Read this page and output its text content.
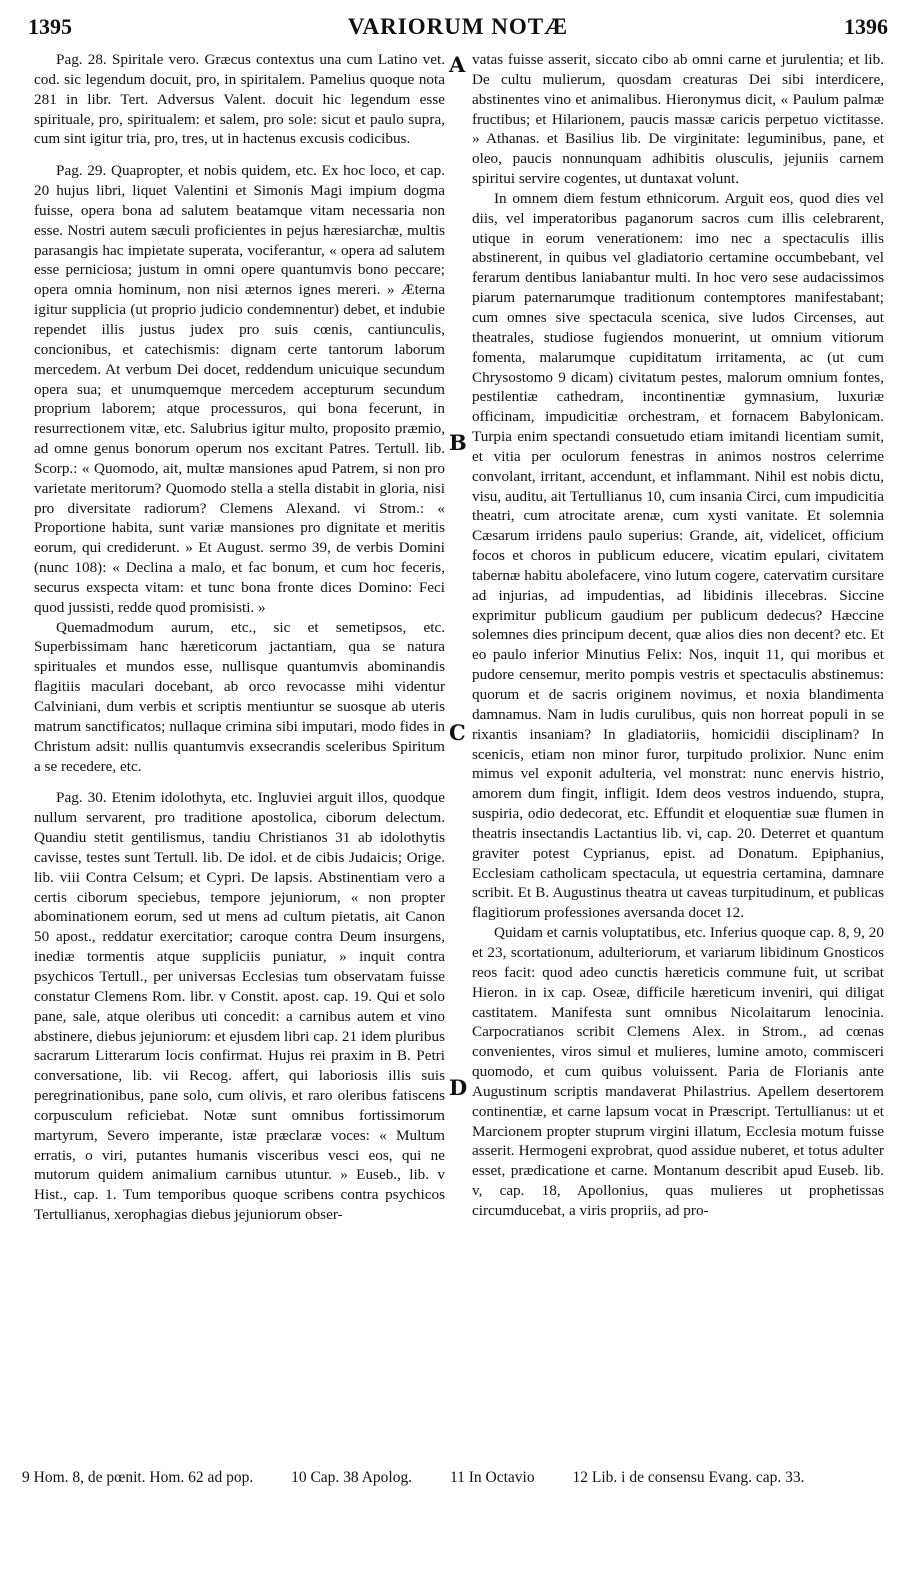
1395	VARIORUM NOTÆ	1396

Pag. 28. Spiritale vero. Græcus contextus una cum Latino vet. cod. sic legendum docuit, pro, in spiritalem. Pamelius quoque nota 281 in libr. Tert. Adversus Valent. docuit hic legendum esse spirituale, pro, spiritualem: et salem, pro sole: sicut et paulo supra, cum sint igitur tria, pro, tres, ut in hactenus excusis codicibus.

Pag. 29. Quapropter, et nobis quidem, etc. Ex hoc loco, et cap. 20 hujus libri, liquet Valentini et Simonis Magi impium dogma fuisse, opera bona ad salutem beatamque vitam necessaria non esse. Nostri autem sæculi proficientes in pejus hæresiarchæ, multis parasangis hac impietate superata, vociferantur, « opera ad salutem esse perniciosa; justum in omni opere quantumvis bono peccare; opera omnia hominum, non nisi æternos ignes mereri. » Æterna igitur supplicia (ut proprio judicio condemnentur) debet, et indubie rependet illis justus judex pro suis cœnis, cantiunculis, concionibus, et catechismis: dignam certe tantorum laborum mercedem. At verbum Dei docet, reddendum unicuique secundum opera sua; et unumquemque mercedem accepturum secundum proprium laborem; atque processuros, qui bona fecerunt, in resurrectionem vitæ, etc. Salubrius igitur multo, proposito præmio, ad omne genus bonorum operum nos excitant Patres. Tertull. lib. Scorp.: « Quomodo, ait, multæ mansiones apud Patrem, si non pro varietate meritorum? Quomodo stella a stella distabit in gloria, nisi pro diversitate radiorum? Clemens Alexand. vi Strom.: « Proportione habita, sunt variæ mansiones pro dignitate et meritis eorum, qui crediderunt. » Et August. sermo 39, de verbis Domini (nunc 108): « Declina a malo, et fac bonum, et cum hoc feceris, securus exspecta vitam: et tunc bona fronte dices Domino: Feci quod jussisti, redde quod promisisti. »

Quemadmodum aurum, etc., sic et semetipsos, etc. Superbissimam hanc hæreticorum jactantiam, qua se natura spirituales et mundos esse, nullisque quantumvis abominandis flagitiis maculari docebant, ab orco revocasse mihi videntur Calviniani, dum verbis et scriptis mentiuntur se suosque ab uteris matrum sanctificatos; nullaque crimina sibi imputari, modo fides in Christum adsit: nullis quantumvis exsecrandis sceleribus Spiritum a se recedere, etc.

Pag. 30. Etenim idolothyta, etc. Ingluviei arguit illos, quodque nullum servarent, pro traditione apostolica, ciborum delectum. Quandiu stetit gentilismus, tandiu Christianos 31 ab idolothytis cavisse, testes sunt Tertull. lib. De idol. et de cibis Judaicis; Orige. lib. viii Contra Celsum; et Cypri. De lapsis. Abstinentiam vero a certis ciborum speciebus, tempore jejuniorum, « non propter abominationem eorum, sed ut mens ad cultum pietatis, ait Canon 50 apost., reddatur exercitatior; caroque contra Deum insurgens, inediæ tormentis atque suppliciis puniatur, » inquit contra psychicos Tertull., per universas Ecclesias tum observatam fuisse constatur Clemens Rom. libr. v Constit. apost. cap. 19. Qui et solo pane, sale, atque oleribus uti concedit: a carnibus autem et vino abstinere, diebus jejuniorum: et ejusdem libri cap. 21 idem pluribus sacrarum Litterarum locis confirmat. Hujus rei praxim in B. Petri conversatione, lib. vii Recog. affert, qui laboriosis illis suis peregrinationibus, pane solo, cum olivis, et raro oleribus fatiscens corpusculum reficiebat. Notæ sunt omnibus fortissimorum martyrum, Severo imperante, istæ præclaræ voces: « Multum erratis, o viri, putantes humanis visceribus vesci eos, qui ne mutorum quidem animalium carnibus utuntur. » Euseb., lib. v Hist., cap. 1. Tum temporibus quoque scribens contra psychicos Tertullianus, xerophagias diebus jejuniorum obser-

vatas fuisse asserit, siccato cibo ab omni carne et jurulentia; et lib. De cultu mulierum, quosdam creaturas Dei sibi interdicere, abstinentes vino et animalibus. Hieronymus dicit, « Paulum palmæ fructibus; et Hilarionem, paucis massæ caricis perpetuo victitasse. » Athanas. et Basilius lib. De virginitate: leguminibus, pane, et oleo, paucis nonnunquam adhibitis olusculis, jejuniis carnem spiritui servire cogentes, ut duntaxat volunt.

In omnem diem festum ethnicorum. Arguit eos, quod dies vel diis, vel imperatoribus paganorum sacros cum illis celebrarent, utique in eorum venerationem: imo nec a spectaculis illis abstinerent, in quibus vel gladiatorio certamine occumbebant, vel ferarum dentibus laniabantur multi. In hoc vero sese audacissimos piarum paternarumque traditionum contemptores manifestabant; cum omnes sive spectacula scenica, sive ludos Circenses, aut theatrales, studiose fugiendos monuerint, ut omnium vitiorum fomenta, malarumque cupiditatum irritamenta, ac (ut cum Chrysostomo 9 dicam) civitatum pestes, malorum omnium fontes, pestilentiæ cathedram, incontinentiæ gymnasium, luxuriæ officinam, impudicitiæ orchestram, et fornacem Babylonicam. Turpia enim spectandi consuetudo etiam imitandi licentiam sumit, et vitia per oculorum fenestras in animos nostros celerrime convolant, irritant, accendunt, et inflammant. Nihil est nobis dictu, visu, auditu, ait Tertullianus 10, cum insania Circi, cum impudicitia theatri, cum atrocitate arenæ, cum xysti vanitate. Et solemnia Cæsarum irridens paulo superius: Grande, ait, videlicet, officium focos et choros in publicum educere, vicatim epulari, civitatem tabernæ habitu abolefacere, vino lutum cogere, catervatim cursitare ad injurias, ad impudentias, ad libidinis illecebras. Siccine exprimitur publicum gaudium per publicum dedecus? Hæccine solemnes dies principum decent, quæ alios dies non decent? etc. Et eo paulo inferior Minutius Felix: Nos, inquit 11, qui moribus et pudore censemur, merito pompis vestris et spectaculis abstinemus: quorum et de sacris originem novimus, et noxia blandimenta damnamus. Nam in ludis curulibus, quis non horreat populi in se rixantis insaniam? In gladiatoriis, homicidii disciplinam? In scenicis, etiam non minor furor, turpitudo prolixior. Nunc enim mimus vel exponit adulteria, vel monstrat: nunc enervis histrio, amorem dum fingit, infligit. Idem deos vestros induendo, stupra, suspiria, odio dedecorat, etc. Effundit et eloquentiæ suæ flumen in theatris insectandis Lactantius lib. vi, cap. 20. Deterret et quantum graviter potest Cyprianus, epist. ad Donatum. Epiphanius, Ecclesiam catholicam spectacula, ut equestria certamina, damnare scribit. Et B. Augustinus theatra ut caveas turpitudinum, et publicas flagitiorum professiones aversanda docet 12.

Quidam et carnis voluptatibus, etc. Inferius quoque cap. 8, 9, 20 et 23, scortationum, adulteriorum, et variarum libidinum Gnosticos reos facit: quod adeo cunctis hæreticis commune fuit, ut scribat Hieron. in ix cap. Oseæ, difficile hæreticum inveniri, qui diligat castitatem. Manifesta sunt omnibus Nicolaitarum lenocinia. Carpocratianos scribit Clemens Alex. in Strom., ad cœnas convenientes, viros simul et mulieres, lumine amoto, commisceri quomodo, et cum quibus voluissent. Paria de Florianis ante Augustinum scriptis mandaverat Philastrius. Apellem desertorem continentiæ, et carne lapsum vocat in Præscript. Tertullianus: ut et Marcionem propter stuprum virgini illatum, Ecclesia motum fuisse asserit. Hermogeni exprobrat, quod assidue nuberet, et totus adulter esset, prædicatione et carne. Montanum describit apud Euseb. lib. v, cap. 18, Apollonius, quas mulieres ut prophetissas circumducebat, a viris propriis, ad pro-

A
B
C
D
9 Hom. 8, de pœnit. Hom. 62 ad pop. 10 Cap. 38 Apolog. 11 In Octavio 12 Lib. i de consensu Evang. cap. 33.
